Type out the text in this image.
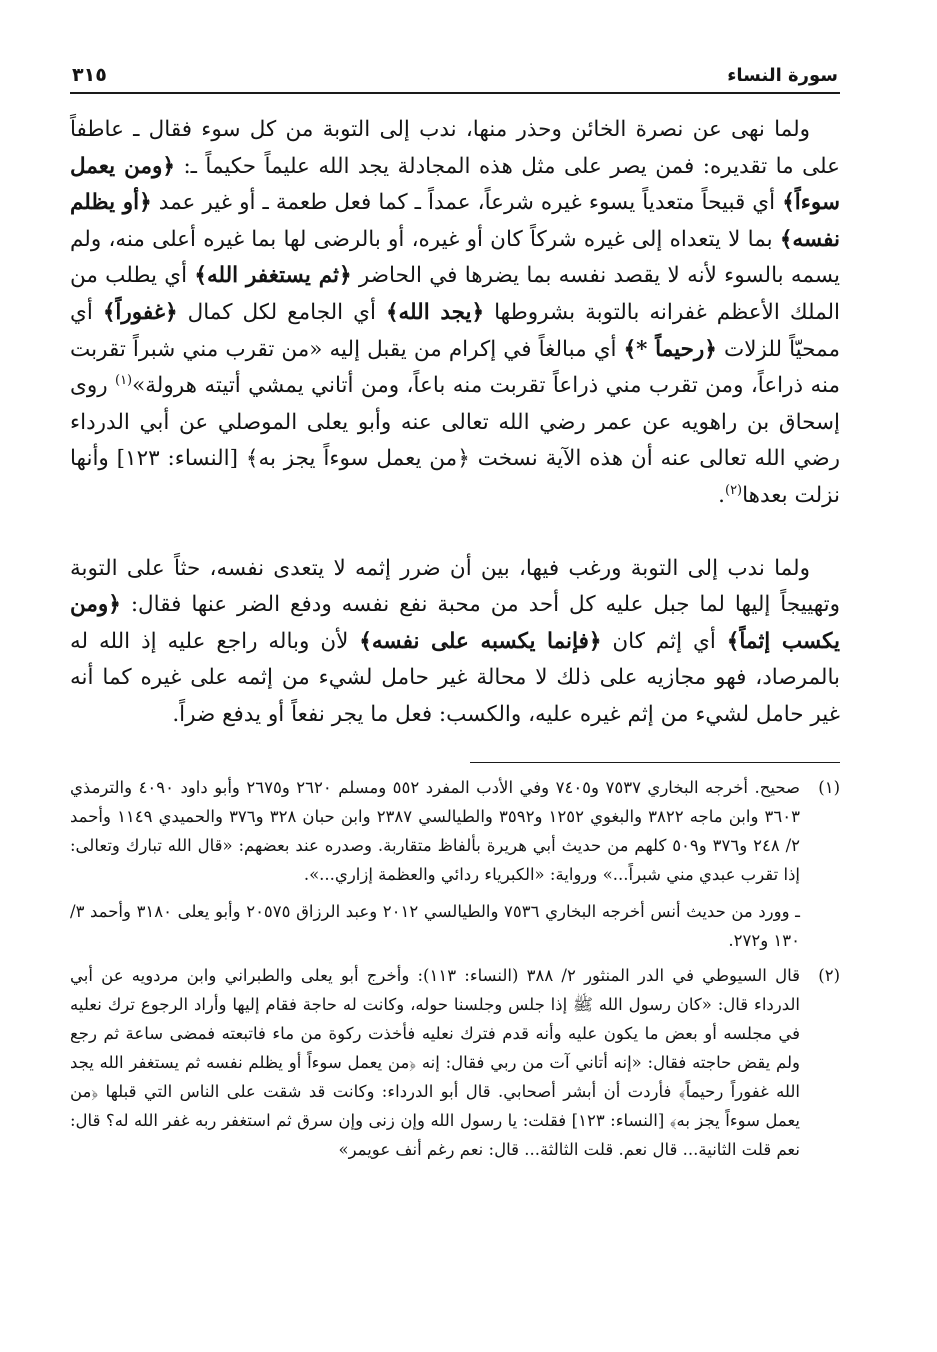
سورة النساء
٣١٥

ولما نهى عن نصرة الخائن وحذر منها، ندب إلى التوبة من كل سوء فقال ـ عاطفاً على ما تقديره: فمن يصر على مثل هذه المجادلة يجد الله عليماً حكيماً ـ: ﴿ومن يعمل سوءاً﴾ أي قبيحاً متعدياً يسوء غيره شرعاً، عمداً ـ كما فعل طعمة ـ أو غير عمد ﴿أو يظلم نفسه﴾ بما لا يتعداه إلى غيره شركاً كان أو غيره، أو بالرضى لها بما غيره أعلى منه، ولم يسمه بالسوء لأنه لا يقصد نفسه بما يضرها في الحاضر ﴿ثم يستغفر الله﴾ أي يطلب من الملك الأعظم غفرانه بالتوبة بشروطها ﴿يجد الله﴾ أي الجامع لكل كمال ﴿غفوراً﴾ أي ممحيّاً للزلات ﴿رحيماً *﴾ أي مبالغاً في إكرام من يقبل إليه «من تقرب مني شبراً تقربت منه ذراعاً، ومن تقرب مني ذراعاً تقربت منه باعاً، ومن أتاني يمشي أتيته هرولة»$^{(١)}$ روى إسحاق بن راهويه عن عمر رضي الله تعالى عنه وأبو يعلى الموصلي عن أبي الدرداء رضي الله تعالى عنه أن هذه الآية نسخت ﴿من يعمل سوءاً يجز به﴾ [النساء: ١٢٣] وأنها نزلت بعدها$^{(٢)}$.

ولما ندب إلى التوبة ورغب فيها، بين أن ضرر إثمه لا يتعدى نفسه، حثاً على التوبة وتهييجاً إليها لما جبل عليه كل أحد من محبة نفع نفسه ودفع الضر عنها فقال: ﴿ومن يكسب إثماً﴾ أي إثم كان ﴿فإنما يكسبه على نفسه﴾ لأن وباله راجع عليه إذ الله له بالمرصاد، فهو مجازيه على ذلك لا محالة غير حامل لشيء من إثمه على غيره كما أنه غير حامل لشيء من إثم غيره عليه، والكسب: فعل ما يجر نفعاً أو يدفع ضراً.

(١)
صحيح. أخرجه البخاري ٧٥٣٧ و٧٤٠٥ وفي الأدب المفرد ٥٥٢ ومسلم ٢٦٢٠ و٢٦٧٥ وأبو داود ٤٠٩٠ والترمذي ٣٦٠٣ وابن ماجه ٣٨٢٢ والبغوي ١٢٥٢ و٣٥٩٢ والطيالسي ٢٣٨٧ وابن حبان ٣٢٨ و٣٧٦ والحميدي ١١٤٩ وأحمد ٢/ ٢٤٨ و٣٧٦ و٥٠٩ كلهم من حديث أبي هريرة بألفاظ متقاربة. وصدره عند بعضهم: «قال الله تبارك وتعالى: إذا تقرب عبدي مني شبراً...» ورواية: «الكبرياء ردائي والعظمة إزاري...».
ـ وورد من حديث أنس أخرجه البخاري ٧٥٣٦ والطيالسي ٢٠١٢ وعبد الرزاق ٢٠٥٧٥ وأبو يعلى ٣١٨٠ وأحمد ٣/ ١٣٠ و٢٧٢.
(٢)
قال السيوطي في الدر المنثور ٢/ ٣٨٨ (النساء: ١١٣): وأخرج أبو يعلى والطبراني وابن مردويه عن أبي الدرداء قال: «كان رسول الله ﷺ إذا جلس وجلسنا حوله، وكانت له حاجة فقام إليها وأراد الرجوع ترك نعليه في مجلسه أو بعض ما يكون عليه وأنه قدم فترك نعليه فأخذت ركوة من ماء فاتبعته فمضى ساعة ثم رجع ولم يقض حاجته فقال: «إنه أتاني آت من ربي فقال: إنه ﴿من يعمل سوءاً أو يظلم نفسه ثم يستغفر الله يجد الله غفوراً رحيماً﴾ فأردت أن أبشر أصحابي. قال أبو الدرداء: وكانت قد شقت على الناس التي قبلها ﴿من يعمل سوءاً يجز به﴾ [النساء: ١٢٣] فقلت: يا رسول الله وإن زنى وإن سرق ثم استغفر ربه غفر الله له؟ قال: نعم قلت الثانية... قال نعم. قلت الثالثة... قال: نعم رغم أنف عويمر»
